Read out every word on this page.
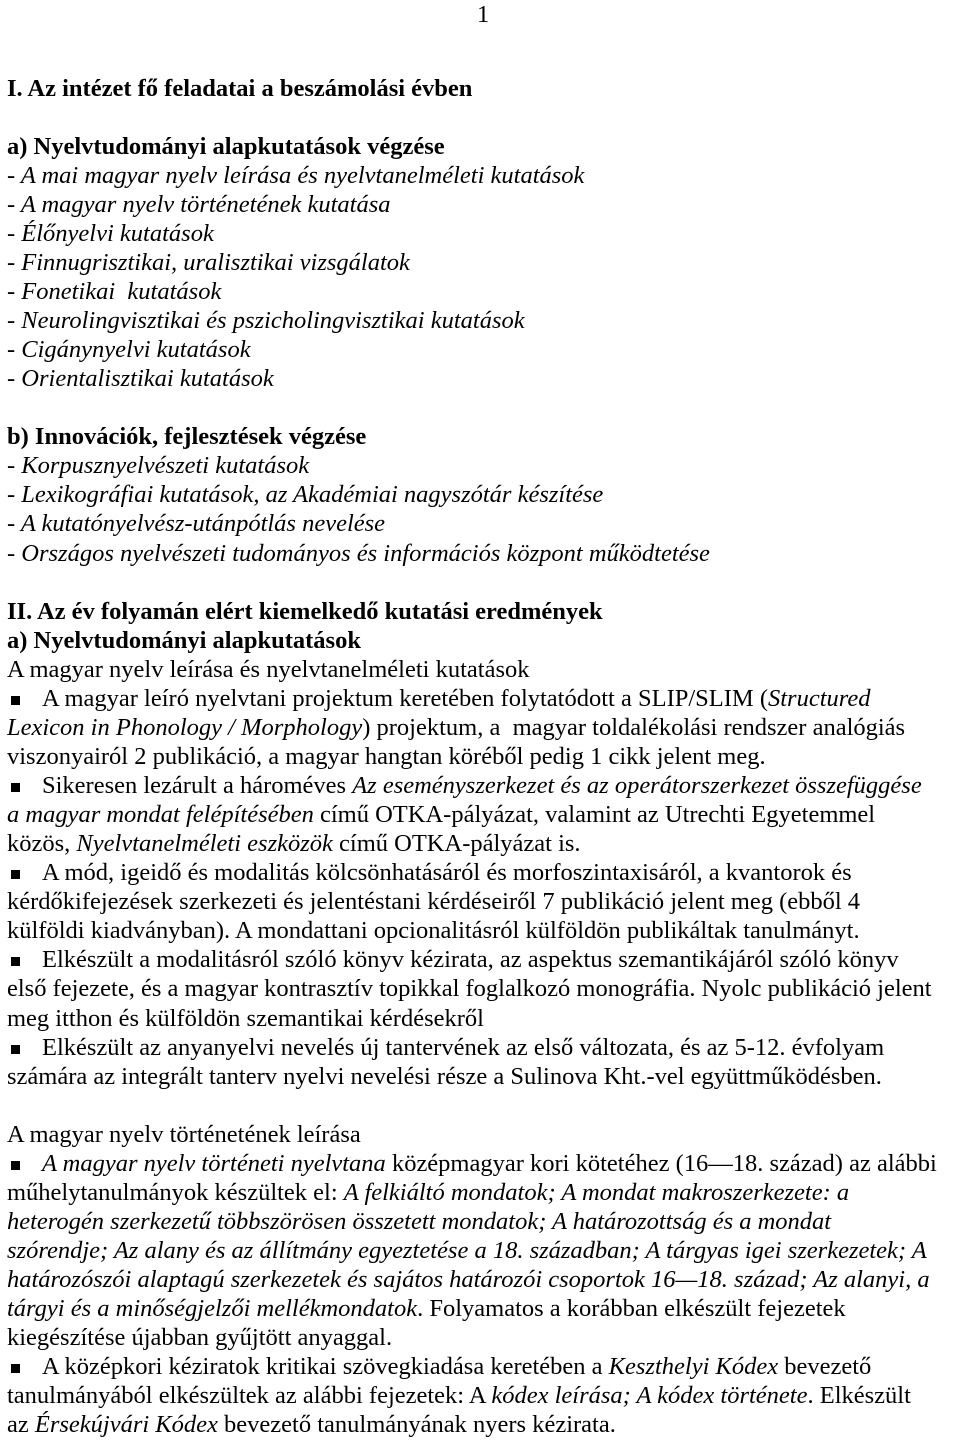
1
I. Az intézet fő feladatai a beszámolási évben
a) Nyelvtudományi alapkutatások végzése
- A mai magyar nyelv leírása és nyelvtanelméleti kutatások
- A magyar nyelv történetének kutatása
- Élőnyelvi kutatások
- Finnugrisztikai, uralisztikai vizsgálatok
- Fonetikai  kutatások
- Neurolingvisztikai és pszicholingvisztikai kutatások
- Cigánynyelvi kutatások
- Orientalisztikai kutatások
b) Innovációk, fejlesztések végzése
- Korpusznyelvészeti kutatások
- Lexikográfiai kutatások, az Akadémiai nagyszótár készítése
- A kutatónyelvész-utánpótlás nevelése
- Országos nyelvészeti tudományos és információs központ működtetése
II. Az év folyamán elért kiemelkedő kutatási eredmények
a) Nyelvtudományi alapkutatások
A magyar nyelv leírása és nyelvtanelméleti kutatások
A magyar leíró nyelvtani projektum keretében folytatódott a SLIP/SLIM (Structured
Lexicon in Phonology / Morphology) projektum, a  magyar toldalékolási rendszer analógiás
viszonyairól 2 publikáció, a magyar hangtan köréből pedig 1 cikk jelent meg.
Sikeresen lezárult a hároméves Az eseményszerkezet és az operátorszerkezet összefüggése
a magyar mondat felépítésében című OTKA-pályázat, valamint az Utrechti Egyetemmel
közös, Nyelvtanelméleti eszközök című OTKA-pályázat is.
A mód, igeidő és modalitás kölcsönhatásáról és morfoszintaxisáról, a kvantorok és
kérdőkifejezések szerkezeti és jelentéstani kérdéseiről 7 publikáció jelent meg (ebből 4
külföldi kiadványban). A mondattani opcionalitásról külföldön publikáltak tanulmányt.
Elkészült a modalitásról szóló könyv kézirata, az aspektus szemantikájáról szóló könyv
első fejezete, és a magyar kontrasztív topikkal foglalkozó monográfia. Nyolc publikáció jelent
meg itthon és külföldön szemantikai kérdésekről
Elkészült az anyanyelvi nevelés új tantervének az első változata, és az 5-12. évfolyam
számára az integrált tanterv nyelvi nevelési része a Sulinova Kht.-vel együttműködésben.
A magyar nyelv történetének leírása
A magyar nyelv történeti nyelvtana középmagyar kori kötetéhez (16—18. század) az alábbi
műhelytanulmányok készültek el: A felkiáltó mondatok; A mondat makroszerkezete: a
heterogén szerkezetű többszörösen összetett mondatok; A határozottság és a mondat
szórendje; Az alany és az állítmány egyeztetése a 18. században; A tárgyas igei szerkezetek; A
határozószói alaptagú szerkezetek és sajátos határozói csoportok 16—18. század; Az alanyi, a
tárgyi és a minőségjelzői mellékmondatok. Folyamatos a korábban elkészült fejezetek
kiegészítése újabban gyűjtött anyaggal.
A középkori kéziratok kritikai szövegkiadása keretében a Keszthelyi Kódex bevezető
tanulmányából elkészültek az alábbi fejezetek: A kódex leírása; A kódex története. Elkészült
az Érsekújvári Kódex bevezető tanulmányának nyers kézirata.
